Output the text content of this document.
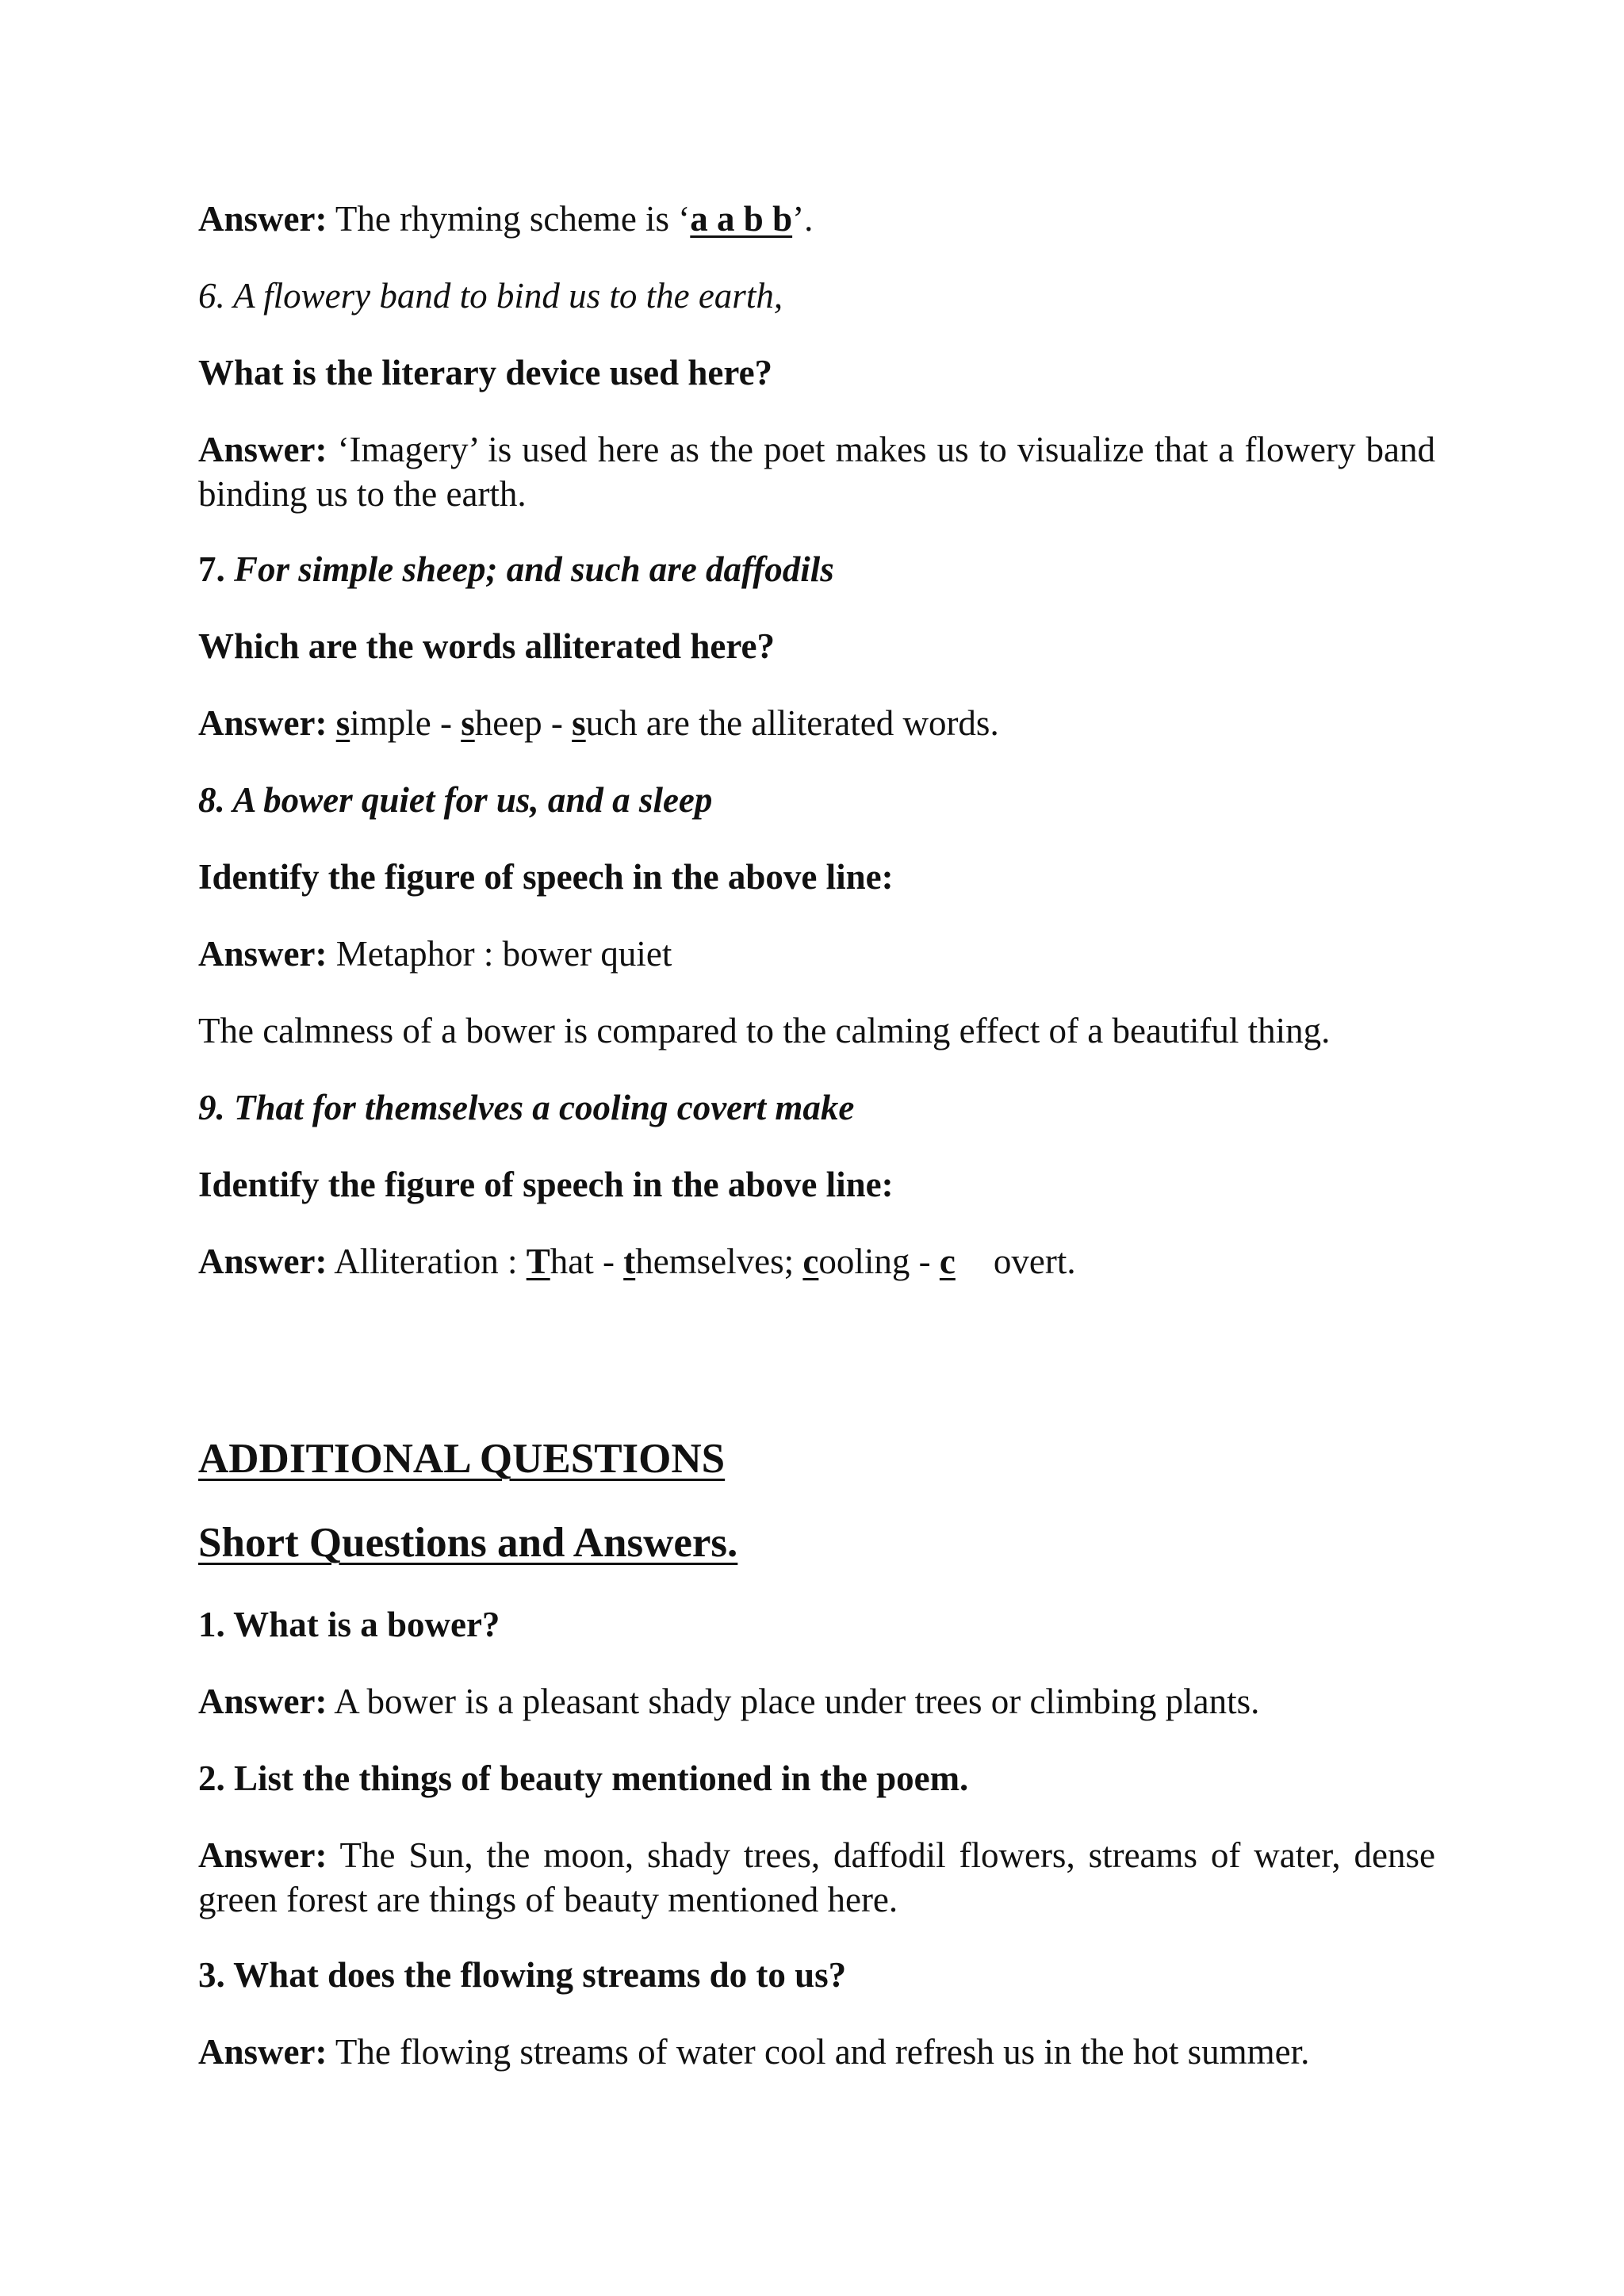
Answer: The rhyming scheme is ‘a a b b’.

6. A flowery band to bind us to the earth,

What is the literary device used here?

Answer: ‘Imagery’ is used here as the poet makes us to visualize that a flowery band binding us to the earth.

7. For simple sheep; and such are daffodils

Which are the words alliterated here?

Answer: simple - sheep - such are the alliterated words.

8. A bower quiet for us, and a sleep

Identify the figure of speech in the above line:

Answer: Metaphor : bower quiet

The calmness of a bower is compared to the calming effect of a beautiful thing.

9. That for themselves a cooling covert make

Identify the figure of speech in the above line:

Answer: Alliteration : That - themselves; cooling - c overt.

ADDITIONAL QUESTIONS

Short Questions and Answers.

1. What is a bower?

Answer: A bower is a pleasant shady place under trees or climbing plants.

2. List the things of beauty mentioned in the poem.

Answer: The Sun, the moon, shady trees, daffodil flowers, streams of water, dense green forest are things of beauty mentioned here.

3. What does the flowing streams do to us?

Answer: The flowing streams of water cool and refresh us in the hot summer.
